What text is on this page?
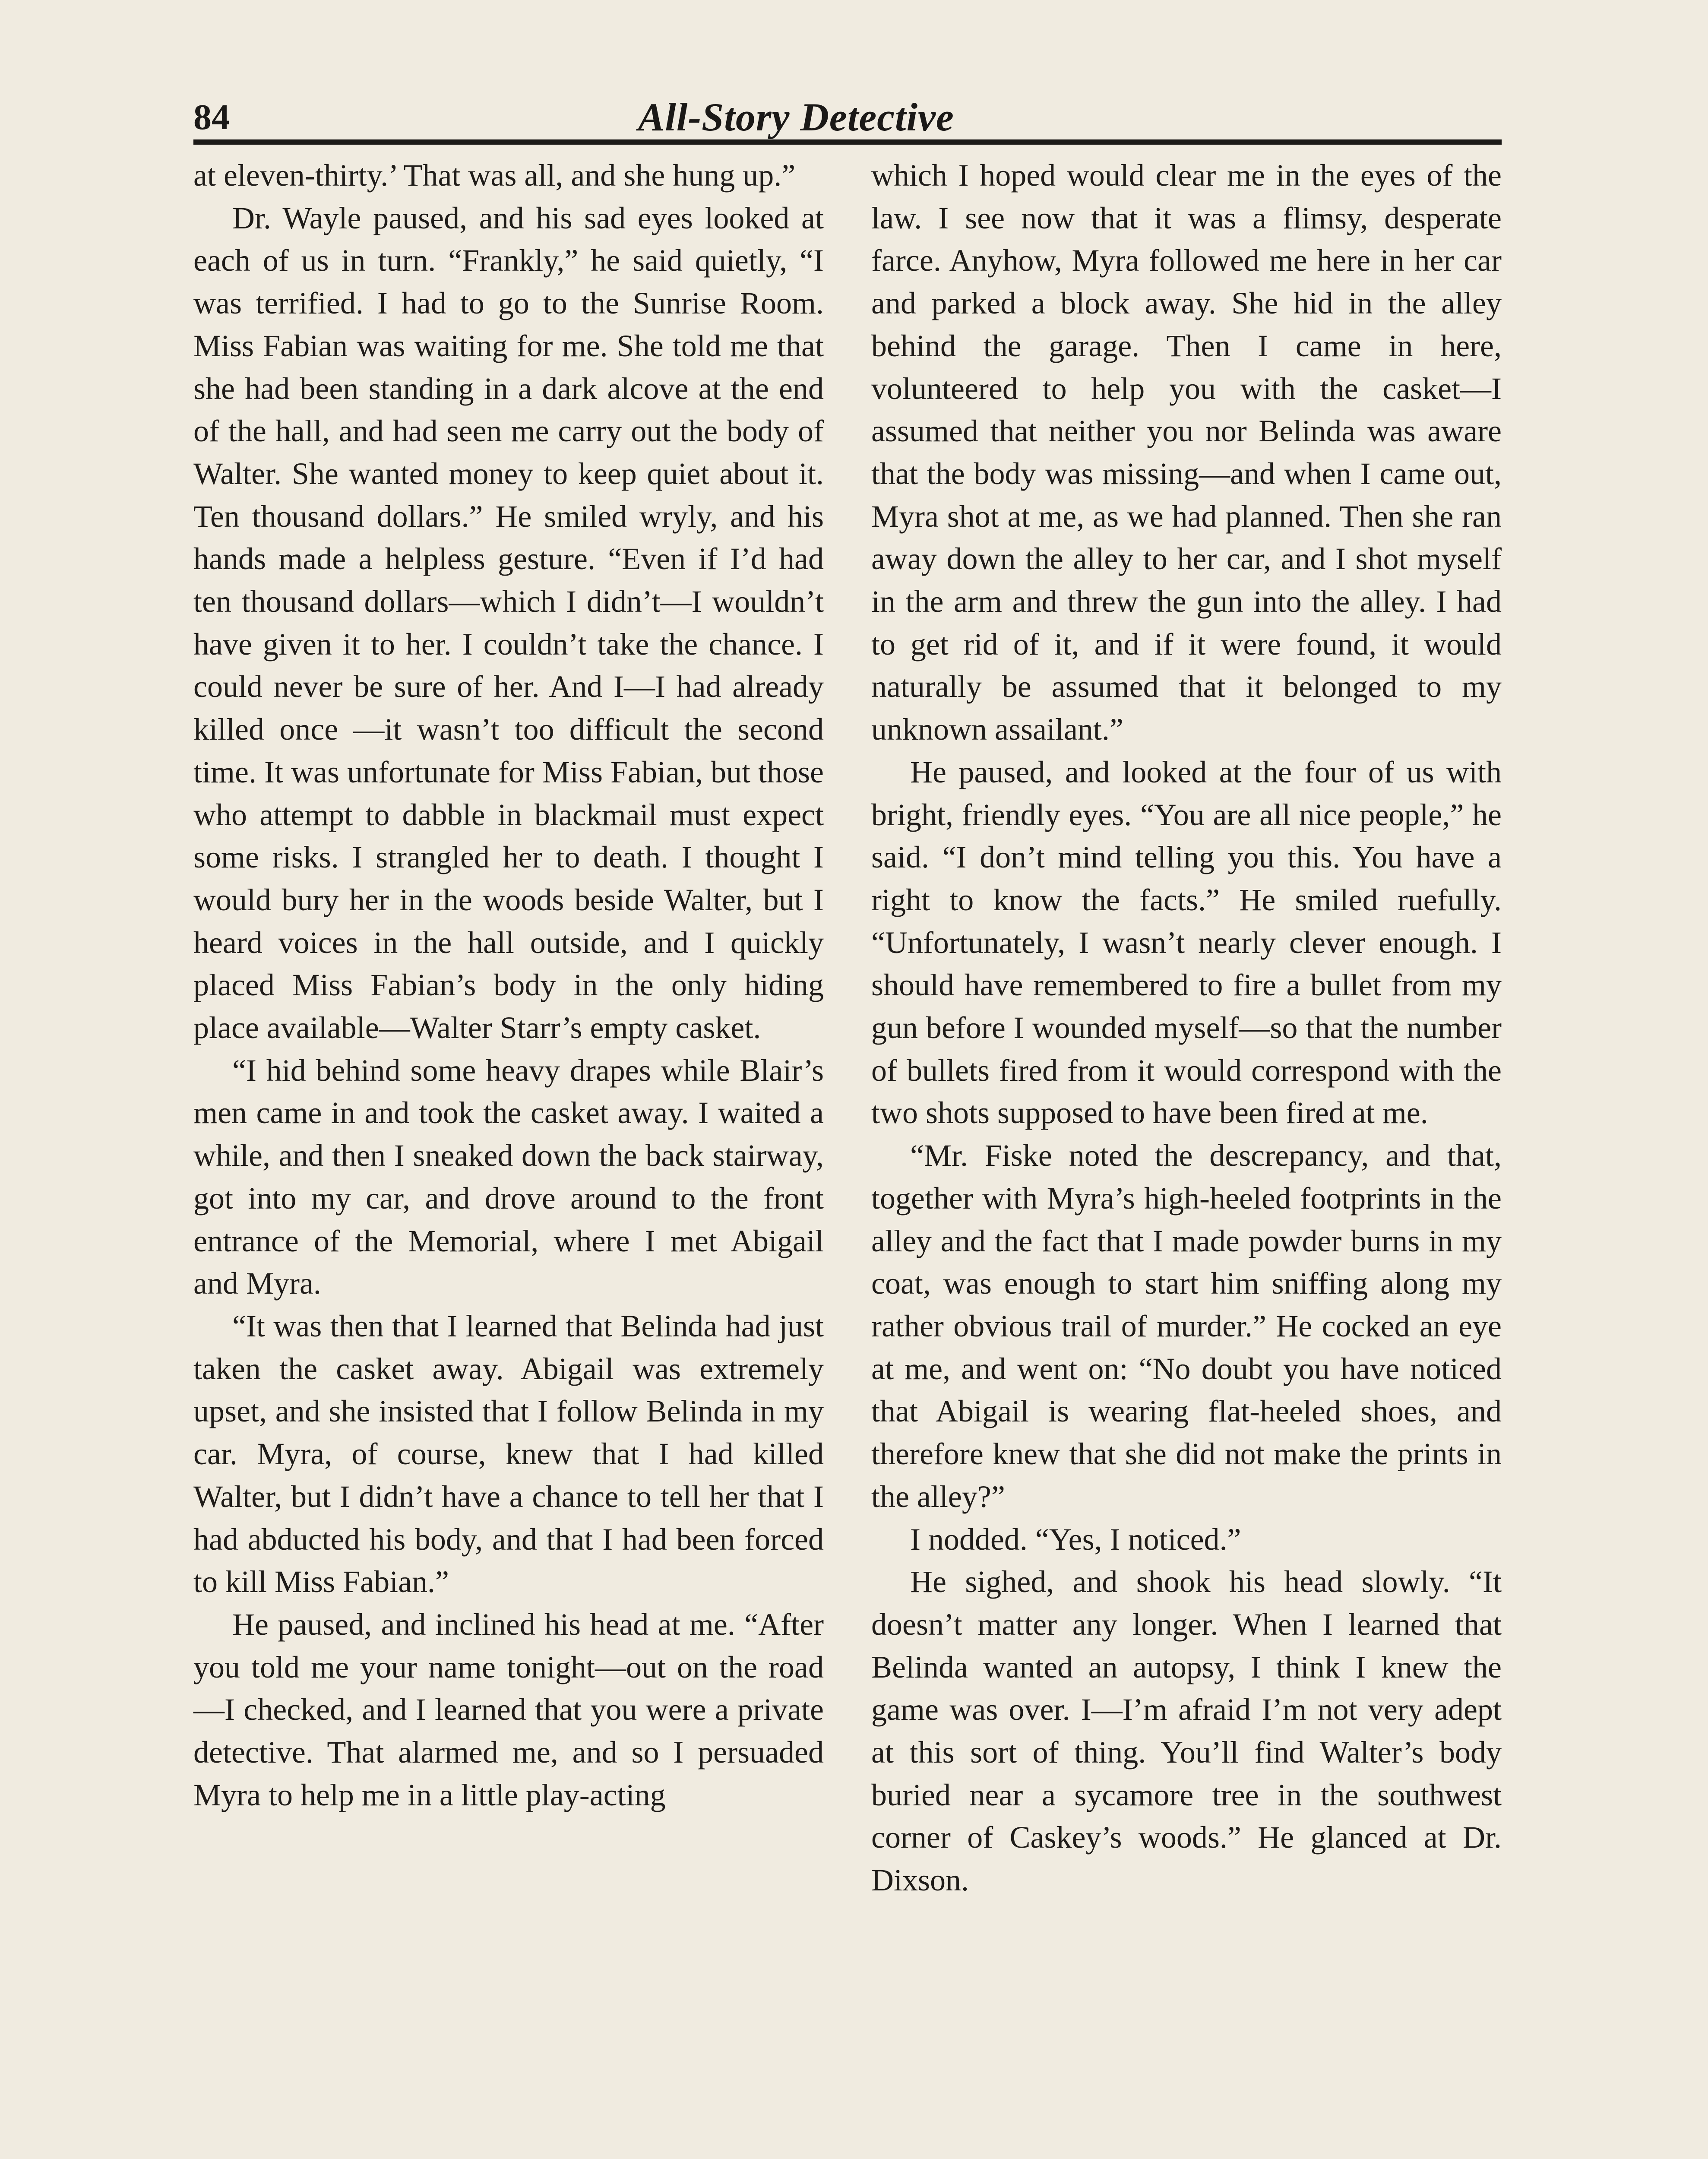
84	All-Story Detective

at eleven-thirty.’ That was all, and she hung up.”

Dr. Wayle paused, and his sad eyes looked at each of us in turn. “Frankly,” he said quietly, “I was terrified. I had to go to the Sunrise Room. Miss Fabian was waiting for me. She told me that she had been standing in a dark alcove at the end of the hall, and had seen me carry out the body of Walter. She wanted money to keep quiet about it. Ten thousand dollars.” He smiled wryly, and his hands made a helpless gesture. “Even if I’d had ten thousand dollars—which I didn’t—I wouldn’t have given it to her. I couldn’t take the chance. I could never be sure of her. And I—I had already killed once —it wasn’t too difficult the second time. It was unfortunate for Miss Fabian, but those who attempt to dabble in blackmail must expect some risks. I strangled her to death. I thought I would bury her in the woods beside Walter, but I heard voices in the hall outside, and I quickly placed Miss Fabian’s body in the only hiding place available—Walter Starr’s empty casket.

“I hid behind some heavy drapes while Blair’s men came in and took the casket away. I waited a while, and then I sneaked down the back stairway, got into my car, and drove around to the front entrance of the Memorial, where I met Abigail and Myra.

“It was then that I learned that Belinda had just taken the casket away. Abigail was extremely upset, and she insisted that I follow Belinda in my car. Myra, of course, knew that I had killed Walter, but I didn’t have a chance to tell her that I had abducted his body, and that I had been forced to kill Miss Fabian.”

He paused, and inclined his head at me. “After you told me your name tonight—out on the road—I checked, and I learned that you were a private detective. That alarmed me, and so I persuaded Myra to help me in a little play-acting

which I hoped would clear me in the eyes of the law. I see now that it was a flimsy, desperate farce. Anyhow, Myra followed me here in her car and parked a block away. She hid in the alley behind the garage. Then I came in here, volunteered to help you with the casket—I assumed that neither you nor Belinda was aware that the body was missing—and when I came out, Myra shot at me, as we had planned. Then she ran away down the alley to her car, and I shot myself in the arm and threw the gun into the alley. I had to get rid of it, and if it were found, it would naturally be assumed that it belonged to my unknown assailant.”

He paused, and looked at the four of us with bright, friendly eyes. “You are all nice people,” he said. “I don’t mind telling you this. You have a right to know the facts.” He smiled ruefully. “Unfortunately, I wasn’t nearly clever enough. I should have remembered to fire a bullet from my gun before I wounded myself—so that the number of bullets fired from it would correspond with the two shots supposed to have been fired at me.

“Mr. Fiske noted the descrepancy, and that, together with Myra’s high-heeled footprints in the alley and the fact that I made powder burns in my coat, was enough to start him sniffing along my rather obvious trail of murder.” He cocked an eye at me, and went on: “No doubt you have noticed that Abigail is wearing flat-heeled shoes, and therefore knew that she did not make the prints in the alley?”

I nodded. “Yes, I noticed.”

He sighed, and shook his head slowly. “It doesn’t matter any longer. When I learned that Belinda wanted an autopsy, I think I knew the game was over. I—I’m afraid I’m not very adept at this sort of thing. You’ll find Walter’s body buried near a sycamore tree in the southwest corner of Caskey’s woods.” He glanced at Dr. Dixson.
